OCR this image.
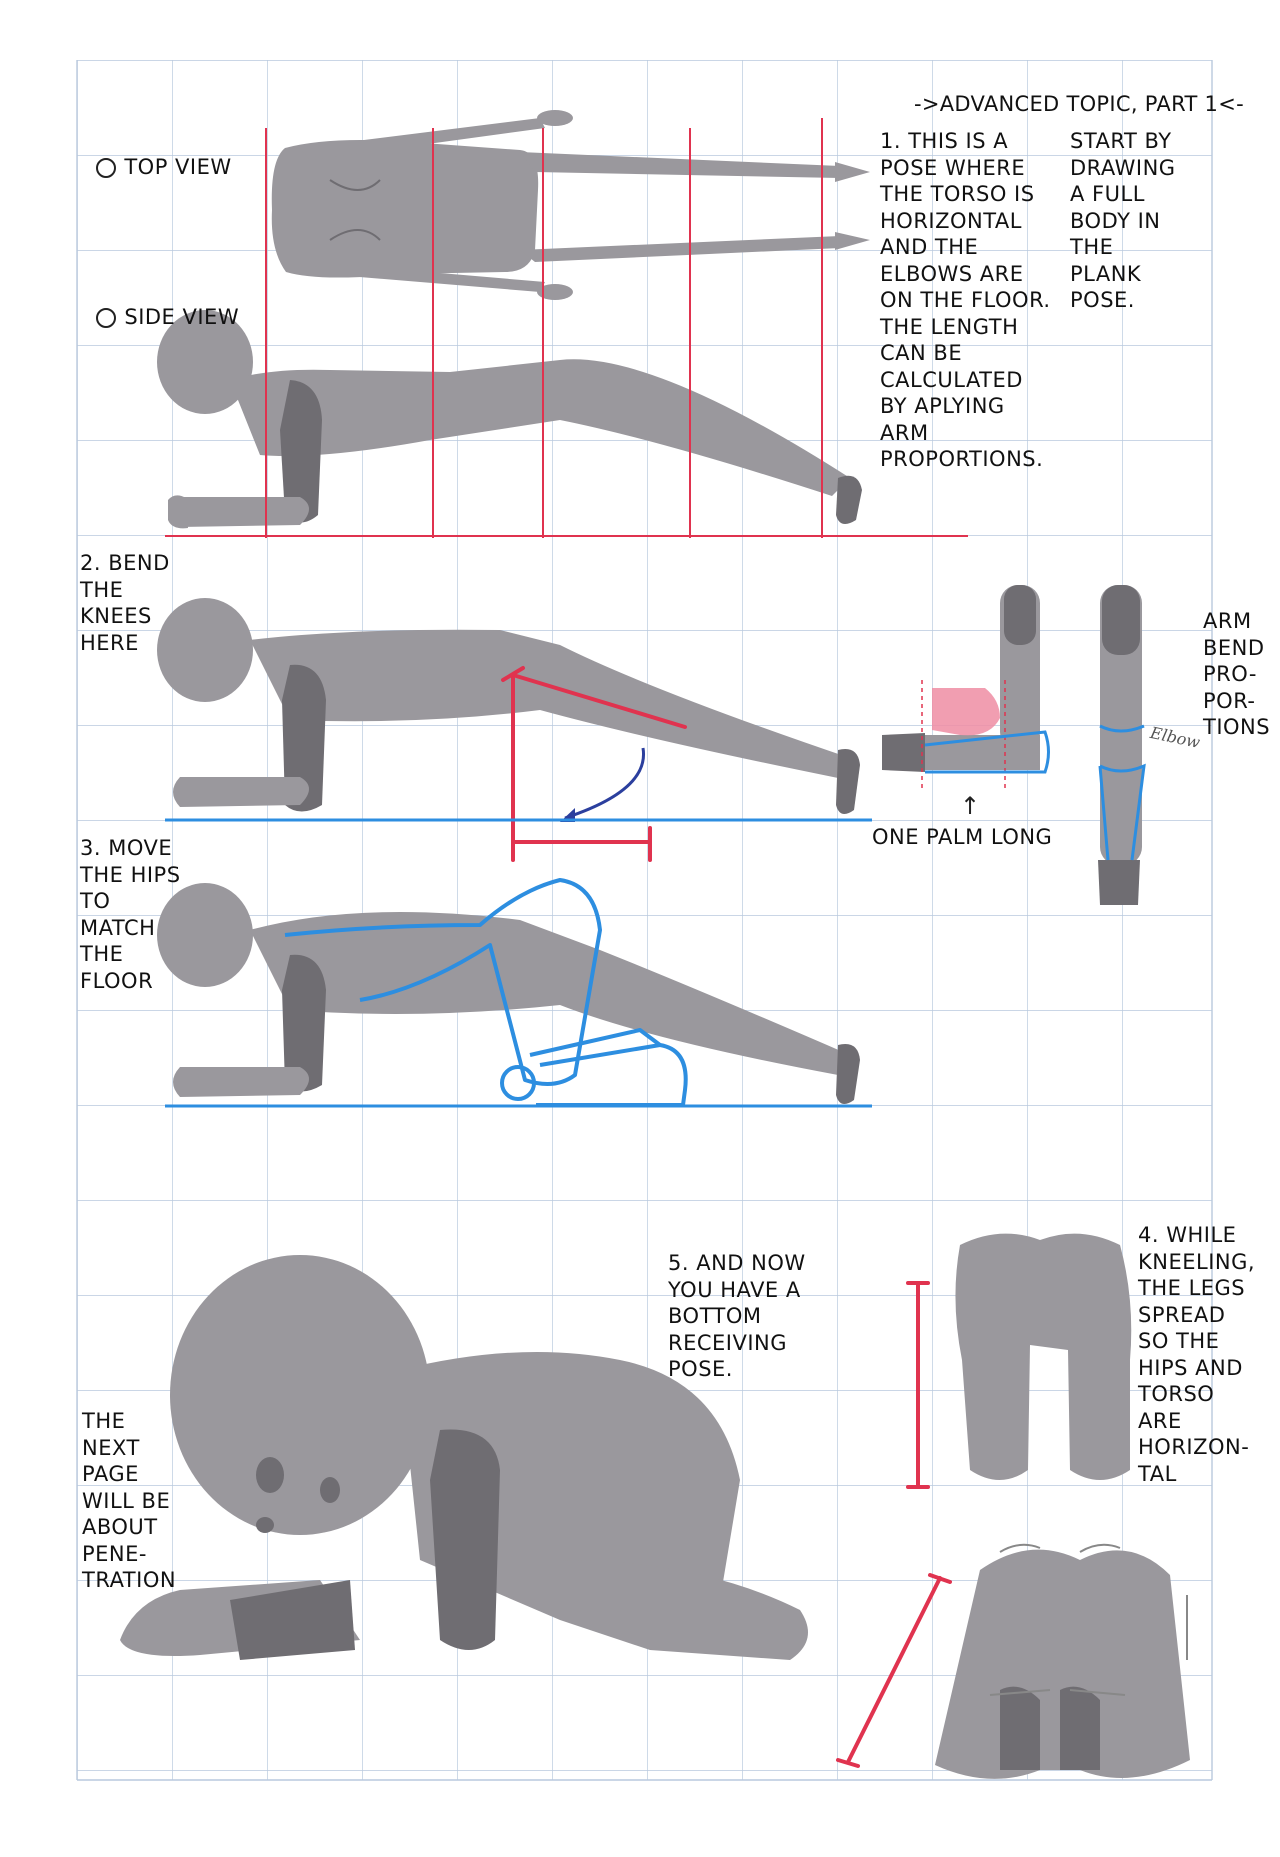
↑

->ADVANCED TOPIC, PART 1<-

TOP VIEW

SIDE VIEW

1. THIS IS A
POSE WHERE
THE TORSO IS
HORIZONTAL
AND THE
ELBOWS ARE
ON THE FLOOR.
THE LENGTH
CAN BE
CALCULATED
BY APLYING
ARM
PROPORTIONS.

START BY
DRAWING
A FULL
BODY IN
THE
PLANK
POSE.

2. BEND
THE
KNEES
HERE

ARM
BEND
PRO-
POR-
TIONS

ONE PALM LONG

Elbow

3. MOVE
THE HIPS
TO
MATCH
THE
FLOOR

5. AND NOW
YOU HAVE A
BOTTOM
RECEIVING
POSE.

4. WHILE
KNEELING,
THE LEGS
SPREAD
SO THE
HIPS AND
TORSO
ARE
HORIZON-
TAL

THE
NEXT
PAGE
WILL BE
ABOUT
PENE-
TRATION
